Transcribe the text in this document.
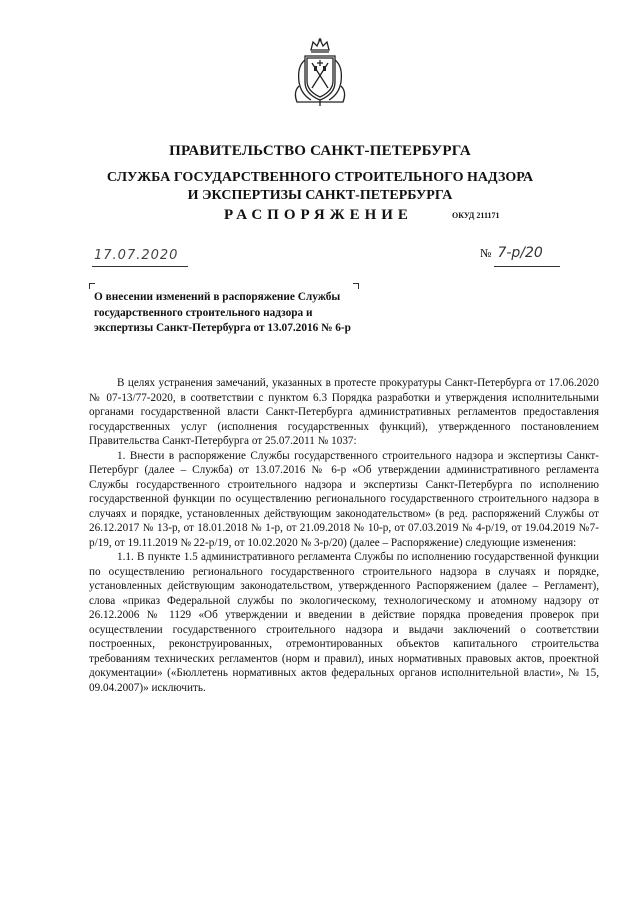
ПРАВИТЕЛЬСТВО САНКТ-ПЕТЕРБУРГА
СЛУЖБА ГОСУДАРСТВЕННОГО СТРОИТЕЛЬНОГО НАДЗОРА
И ЭКСПЕРТИЗЫ САНКТ-ПЕТЕРБУРГА
РАСПОРЯЖЕНИЕ	ОКУД 211171
17.07.2020	№ 7-р/20
О внесении изменений в распоряжение Службы государственного строительного надзора и экспертизы Санкт-Петербурга от 13.07.2016 № 6-р

В целях устранения замечаний, указанных в протесте прокуратуры Санкт-Петербурга от 17.06.2020 № 07-13/77-2020, в соответствии с пунктом 6.3 Порядка разработки и утверждения исполнительными органами государственной власти Санкт-Петербурга административных регламентов предоставления государственных услуг (исполнения государственных функций), утвержденного постановлением Правительства Санкт-Петербурга от 25.07.2011 № 1037:

1. Внести в распоряжение Службы государственного строительного надзора и экспертизы Санкт-Петербург (далее – Служба) от 13.07.2016 № 6-р «Об утверждении административного регламента Службы государственного строительного надзора и экспертизы Санкт-Петербурга по исполнению государственной функции по осуществлению регионального государственного строительного надзора в случаях и порядке, установленных действующим законодательством» (в ред. распоряжений Службы от 26.12.2017 № 13-р, от 18.01.2018 № 1-р, от 21.09.2018 № 10-р, от 07.03.2019 № 4-р/19, от 19.04.2019 №7-р/19, от 19.11.2019 № 22-р/19, от 10.02.2020 № 3-р/20) (далее – Распоряжение) следующие изменения:

1.1. В пункте 1.5 административного регламента Службы по исполнению государственной функции по осуществлению регионального государственного строительного надзора в случаях и порядке, установленных действующим законодательством, утвержденного Распоряжением (далее – Регламент), слова «приказ Федеральной службы по экологическому, технологическому и атомному надзору от 26.12.2006 № 1129 «Об утверждении и введении в действие порядка проведения проверок при осуществлении государственного строительного надзора и выдачи заключений о соответствии построенных, реконструированных, отремонтированных объектов капитального строительства требованиям технических регламентов (норм и правил), иных нормативных правовых актов, проектной документации» («Бюллетень нормативных актов федеральных органов исполнительной власти», № 15, 09.04.2007)» исключить.
